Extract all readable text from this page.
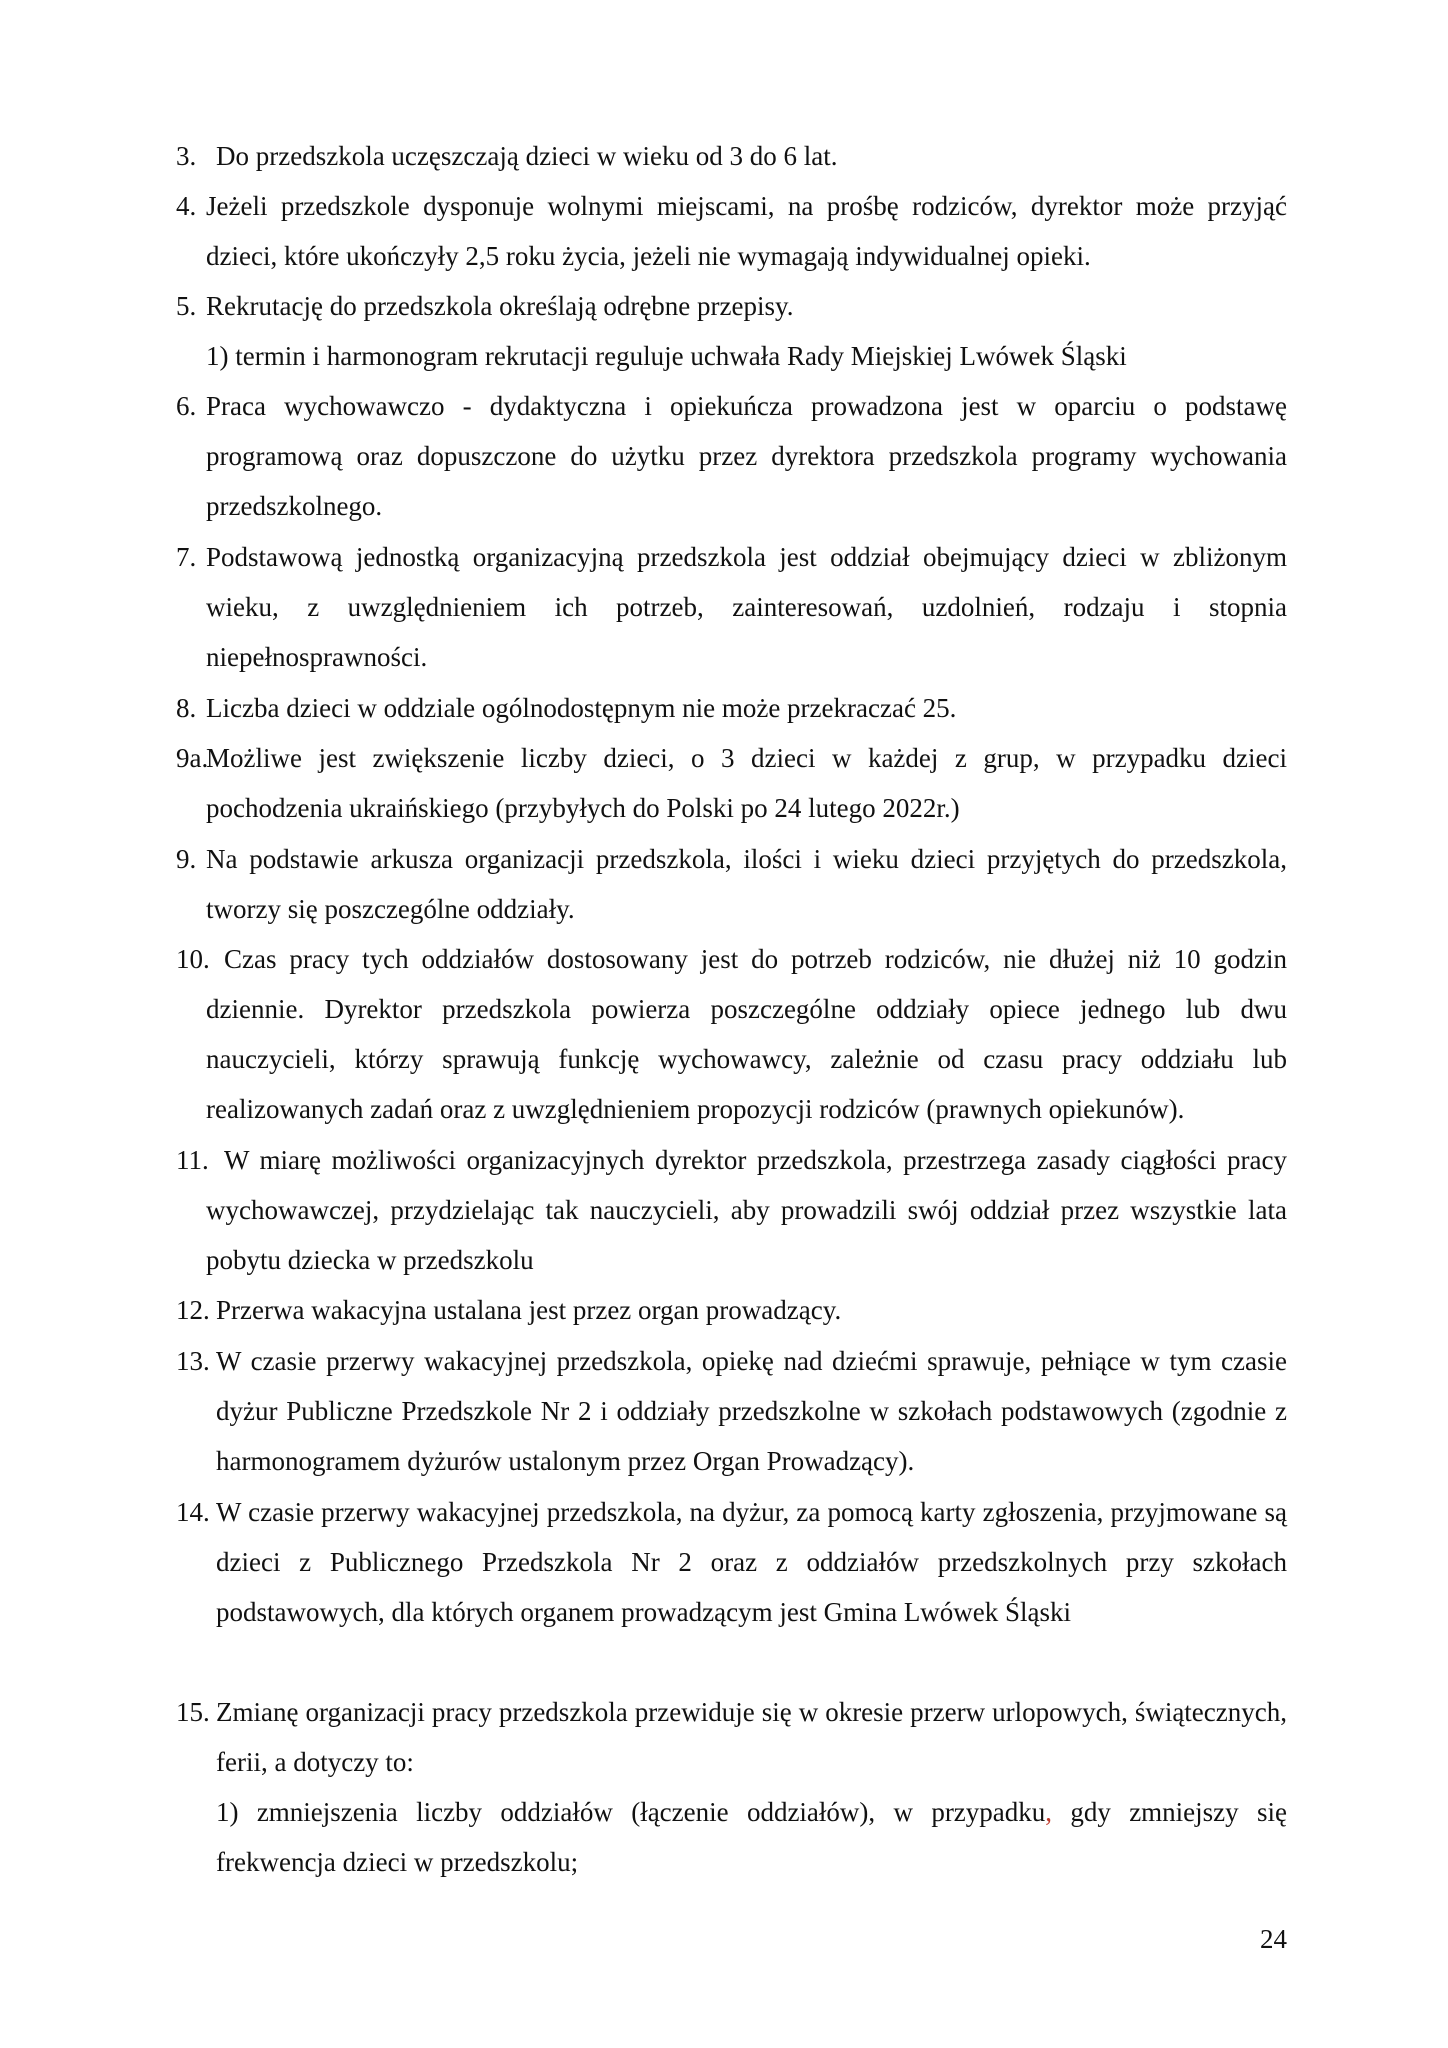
3. Do przedszkola uczęszczają dzieci w wieku od 3 do 6 lat.
4. Jeżeli przedszkole dysponuje wolnymi miejscami, na prośbę rodziców, dyrektor może przyjąć dzieci, które ukończyły 2,5 roku życia, jeżeli nie wymagają indywidualnej opieki.
5. Rekrutację do przedszkola określają odrębne przepisy.
1) termin i harmonogram rekrutacji reguluje uchwała Rady Miejskiej Lwówek Śląski
6. Praca wychowawczo - dydaktyczna i opiekuńcza prowadzona jest w oparciu o podstawę programową oraz dopuszczone do użytku przez dyrektora przedszkola programy wychowania przedszkolnego.
7. Podstawową jednostką organizacyjną przedszkola jest oddział obejmujący dzieci w zbliżonym wieku, z uwzględnieniem ich potrzeb, zainteresowań, uzdolnień, rodzaju i stopnia niepełnosprawności.
8. Liczba dzieci w oddziale ogólnodostępnym nie może przekraczać 25.
9a.
Możliwe jest zwiększenie liczby dzieci, o 3 dzieci w każdej z grup, w przypadku dzieci pochodzenia ukraińskiego (przybyłych do Polski po 24 lutego 2022r.)
9. Na podstawie arkusza organizacji przedszkola, ilości i wieku dzieci przyjętych do przedszkola, tworzy się poszczególne oddziały.
10. Czas pracy tych oddziałów dostosowany jest do potrzeb rodziców, nie dłużej niż 10 godzin dziennie. Dyrektor przedszkola powierza poszczególne oddziały opiece jednego lub dwu nauczycieli, którzy sprawują funkcję wychowawcy, zależnie od czasu pracy oddziału lub realizowanych zadań oraz z uwzględnieniem propozycji rodziców (prawnych opiekunów).
11. W miarę możliwości organizacyjnych dyrektor przedszkola, przestrzega zasady ciągłości pracy wychowawczej, przydzielając tak nauczycieli, aby prowadzili swój oddział przez wszystkie lata pobytu dziecka w przedszkolu
12. Przerwa wakacyjna ustalana jest przez organ prowadzący.
13. W czasie przerwy wakacyjnej przedszkola, opiekę nad dziećmi sprawuje, pełniące w tym czasie dyżur Publiczne Przedszkole Nr 2 i oddziały przedszkolne w szkołach podstawowych (zgodnie z harmonogramem dyżurów ustalonym przez Organ Prowadzący).
14. W czasie przerwy wakacyjnej przedszkola, na dyżur, za pomocą karty zgłoszenia, przyjmowane są dzieci z Publicznego Przedszkola Nr 2 oraz z oddziałów przedszkolnych przy szkołach podstawowych, dla których organem prowadzącym jest Gmina Lwówek Śląski
15. Zmianę organizacji pracy przedszkola przewiduje się w okresie przerw urlopowych, świątecznych, ferii, a dotyczy to:
1) zmniejszenia liczby oddziałów (łączenie oddziałów), w przypadku, gdy zmniejszy się frekwencja dzieci w przedszkolu;
24
